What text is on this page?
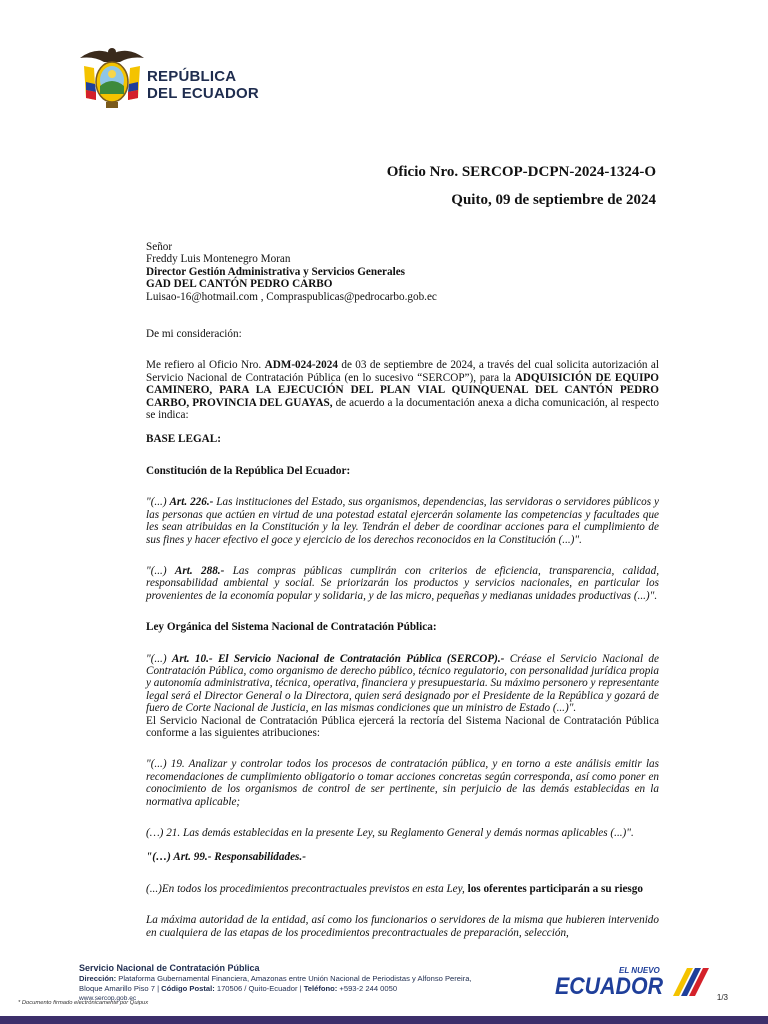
REPÚBLICA
DEL ECUADOR
Oficio Nro. SERCOP-DCPN-2024-1324-O
Quito, 09 de septiembre de 2024

Señor

Freddy Luis Montenegro Moran

Director Gestión Administrativa y Servicios Generales

GAD DEL CANTÓN PEDRO CARBO

Luisao-16@hotmail.com , Compraspublicas@pedrocarbo.gob.ec

De mi consideración:

Me refiero al Oficio Nro. ADM-024-2024 de 03 de septiembre de 2024, a través del cual solicita autorización al Servicio Nacional de Contratación Pública (en lo sucesivo “SERCOP”), para la ADQUISICIÓN DE EQUIPO CAMINERO, PARA LA EJECUCIÓN DEL PLAN VIAL QUINQUENAL DEL CANTÓN PEDRO CARBO, PROVINCIA DEL GUAYAS, de acuerdo a la documentación anexa a dicha comunicación, al respecto se indica:

BASE LEGAL:

Constitución de la República Del Ecuador:

"(...) Art. 226.- Las instituciones del Estado, sus organismos, dependencias, las servidoras o servidores públicos y las personas que actúen en virtud de una potestad estatal ejercerán solamente las competencias y facultades que les sean atribuidas en la Constitución y la ley. Tendrán el deber de coordinar acciones para el cumplimiento de sus fines y hacer efectivo el goce y ejercicio de los derechos reconocidos en la Constitución (...)".

"(...) Art. 288.- Las compras públicas cumplirán con criterios de eficiencia, transparencia, calidad, responsabilidad ambiental y social. Se priorizarán los productos y servicios nacionales, en particular los provenientes de la economía popular y solidaria, y de las micro, pequeñas y medianas unidades productivas (...)".

Ley Orgánica del Sistema Nacional de Contratación Pública:

"(...) Art. 10.- El Servicio Nacional de Contratación Pública (SERCOP).- Créase el Servicio Nacional de Contratación Pública, como organismo de derecho público, técnico regulatorio, con personalidad jurídica propia y autonomía administrativa, técnica, operativa, financiera y presupuestaria. Su máximo personero y representante legal será el Director General o la Directora, quien será designado por el Presidente de la República y gozará de fuero de Corte Nacional de Justicia, en las mismas condiciones que un ministro de Estado (...)".

El Servicio Nacional de Contratación Pública ejercerá la rectoría del Sistema Nacional de Contratación Pública conforme a las siguientes atribuciones:

"(...) 19. Analizar y controlar todos los procesos de contratación pública, y en torno a este análisis emitir las recomendaciones de cumplimiento obligatorio o tomar acciones concretas según corresponda, así como poner en conocimiento de los organismos de control de ser pertinente, sin perjuicio de las demás establecidas en la normativa aplicable;

(…) 21. Las demás establecidas en la presente Ley, su Reglamento General y demás normas aplicables (...)".

"(…) Art. 99.- Responsabilidades.-

(...)En todos los procedimientos precontractuales previstos en esta Ley, los oferentes participarán a su riesgo

La máxima autoridad de la entidad, así como los funcionarios o servidores de la misma que hubieren intervenido en cualquiera de las etapas de los procedimientos precontractuales de preparación, selección,

Servicio Nacional de Contratación Pública
Dirección: Plataforma Gubernamental Financiera, Amazonas entre Unión Nacional de Periodistas y Alfonso Pereira,
Bloque Amarillo Piso 7 | Código Postal: 170506 / Quito-Ecuador | Teléfono: +593-2 244 0050
www.sercop.gob.ec
* Documento firmado electrónicamente por Quipux
EL NUEVO
ECUADOR	1/3
